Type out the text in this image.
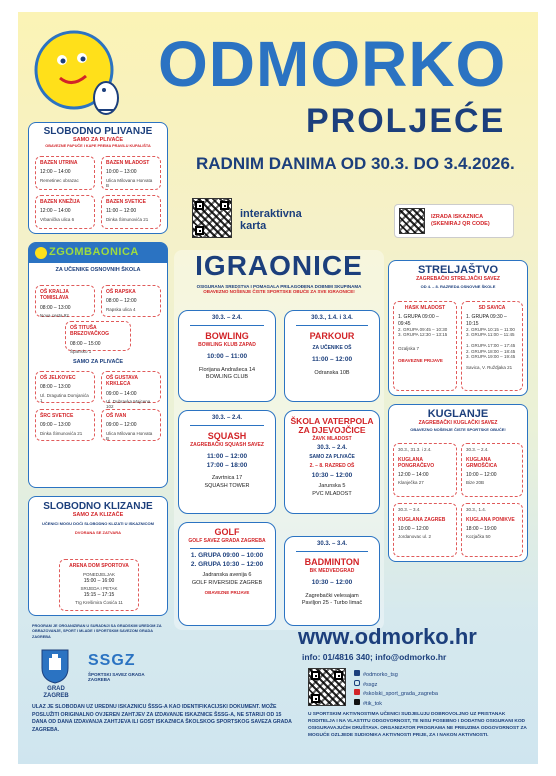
ODMORKO
PROLJEĆE
RADNIM DANIMA OD 30.3. DO 3.4.2026.
interaktivna
karta
IZRADA ISKAZNICA
(SKENIRAJ QR CODE)
SLOBODNO PLIVANJE
SAMO ZA PLIVAČE
OBAVEZNE PAPUČE I KAPE PREMA PRAVILU KUPALIŠTA
BAZEN UTRINA
12:00 – 14:00
Remetinec obrazac
BAZEN MLADOST
10:00 – 13:00
Ulica Milovana Horvata B
BAZEN KNEŽIJA
12:00 – 14:00
Vrbanička ulica 6
BAZEN SVETICE
11:00 – 12:00
Dinka Šimunovića 21
ZGOMBAONICA
ZA UČENIKE OSNOVNIH ŠKOLA
OŠ KRALJA TOMISLAVA
08:00 – 13:00
Nova cesta 92
OŠ RAPSKA
08:00 – 12:00
Rapska ulica 4
OŠ TITUŠA BREZOVAČKOG
08:00 – 15:00
Špansko 1
SAMO ZA PLIVAČE
OŠ JELKOVEC
08:00 – 13:00
Ul. Dragutina Domjanića 1
OŠ GUSTAVA KRKLECA
09:00 – 14:00
Ul. Dubravka Majcena 102
ŠRC SVETICE
09:00 – 13:00
Dinka Šimunovića 21
OŠ IVAN
09:00 – 12:00
Ulica Milovana Horvata B
SLOBODNO KLIZANJE
SAMO ZA KLIZAČE
UČENICI MOGU DOĆI SLOBODNO KLIZATI U ISKAZNICOM
DVORANA SE ZATVARA
ARENA DOM SPORTOVA
PONEDJELJAK
15:00 – 16:00
SRIJEDA I PETAK
15:15 – 17:15
Trg Krešimira Ćosića 11
IGRAONICE
OSIGURANA SREDSTVA I POMAGALA PRILAGOĐENA DOBNIM SKUPINAMA
OBAVEZNO NOŠENJE ČISTE SPORTSKE OBUĆE ZA SVE IGRAONICE!
30.3. – 2.4.
BOWLING
BOWLING KLUB ZAPAD
10:00 – 11:00
Florijana Andrašeca 14
BOWLING CLUB
30.3., 1.4. i 3.4.
PARKOUR
ZA UČENIKE OŠ
11:00 – 12:00
Odranska 10B
30.3. – 2.4.
SQUASH
ZAGREBAČKI SQUASH SAVEZ
11:00 – 12:00
17:00 – 18:00
Zavrtnica 17
SQUASH TOWER
ŠKOLA VATERPOLA ZA DJEVOJČICE
ŽAVK MLADOST
30.3. – 2.4.
SAMO ZA PLIVAČE
2. – 8. RAZRED OŠ
10:30 – 12:00
Jarunska 5
PVC MLADOST
GOLF
GOLF SAVEZ GRADA ZAGREBA
1. GRUPA 09:00 – 10:00
2. GRUPA 10:30 – 12:00
Jadranska avenija 6
GOLF RIVERSIDE ZAGREB
OBAVEZNE PRIJAVE
30.3. – 3.4.
BADMINTON
BK MEDVEDGRAD
10:30 – 12:00
Zagrebački velesajam
Paviljon 25 - Turbo limač
STRELJAŠTVO
ZAGREBAČKI STRELJAČKI SAVEZ
OD 4. – 8. RAZREDA OSNOVNE ŠKOLE
HASK MLADOST
1. GRUPA 09:00 – 09:45
2. GRUPA 09:45 – 10:30
3. GRUPA 12:30 – 13:15
Ozaljska 7
OBAVEZNE PRIJAVE
SD SAVICA
1. GRUPA 09:30 – 10:15
2. GRUPA 10:15 – 11:00
3. GRUPA 11:00 – 11:45
1. GRUPA 17:00 – 17:45
2. GRUPA 18:00 – 18:45
3. GRUPA 19:00 – 19:45
Savica, V. Ružđjaka 21
KUGLANJE
ZAGREBAČKI KUGLAČKI SAVEZ
OBAVEZNO NOŠENJE ČISTE SPORTSKE OBUĆE!
30.3., 31.3. i 2.4.
KUGLANA PONGRAČEVO
12:00 – 14:00
Klanječka 27
30.3. – 2.4.
KUGLANA GRMOŠČICA
10:00 – 12:00
Bize 20B
30.3. – 3.4.
KUGLANA ZAGREB
10:00 – 12:00
Jordanovac ul. 2
30.3., 1.4.
KUGLANA PONIKVE
18:00 – 19:00
Kozjačka 50
PROGRAM JE ORGANIZIRAN U SURADNJI SA GRADSKIM UREDOM ZA OBRAZOVANJE, SPORT I MLADE I SPORTSKIM SAVEZOM GRADA ZAGREBA
GRAD
ZAGREB
SSGZ
ŠPORTSKI SAVEZ GRADA ZAGREBA
ULAZ JE SLOBODAN UZ UREDNU ISKAZNICU ŠSSG-A KAO IDENTIFIKACIJSKI DOKUMENT. MOŽE POSLUŽITI ORIGINALNO OVJEREN ZAHTJEV ZA IZDAVANJE ISKAZNICE ŠSSG-A, NE STARIJI OD 15 DANA OD DANA IZDAVANJA ZAHTJEVA ILI GOST ISKAZNICA ŠKOLSKOG SPORTSKOG SAVEZA GRADA ZAGREBA.
www.odmorko.hr
info: 01/4816 340; info@odmorko.hr
#odmorko_tsg
#ssgz
#skolski_sport_grada_zagreba
#tik_tok
U SPORTSKIM AKTIVNOSTIMA UČENICI SUDJELUJU DOBROVOLJNO UZ PRISTANAK RODITELJA I NA VLASTITU ODGOVORNOST, TE NISU POSEBNO I DODATNO OSIGURANI KOD OSIGURAVAJUĆIH DRUŠTAVA. ORGANIZATOR PROGRAMA NE PREUZIMA ODGOVORNOST ZA MOGUĆE OZLJEDE SUDIONIKA AKTIVNOSTI PRIJE, ZA I NAKON AKTIVNOSTI.
